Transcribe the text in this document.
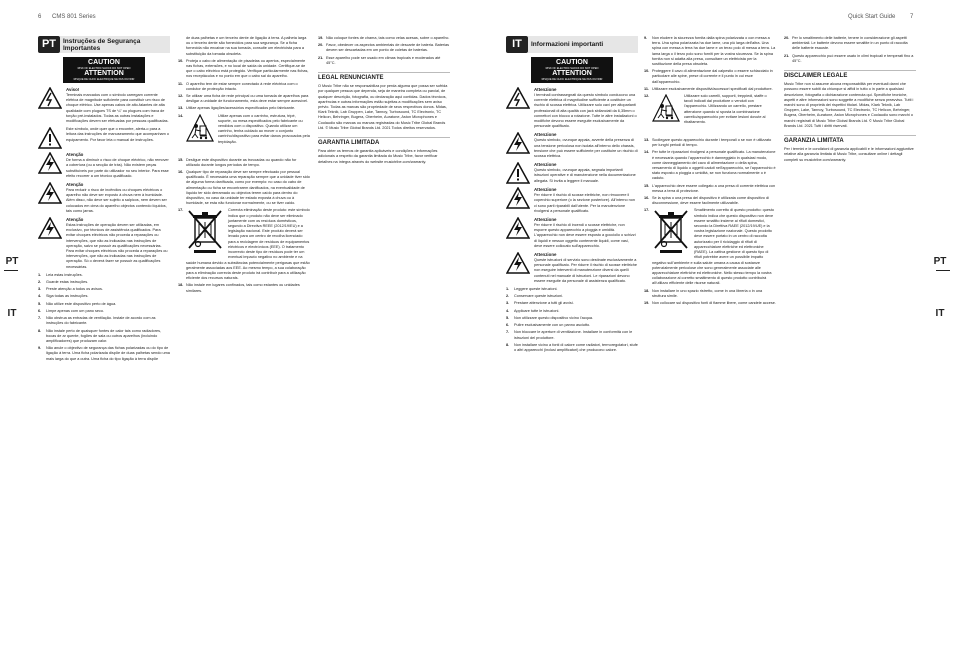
6 CMS 801 Series	Quick Start Guide 7
PT
IT
PT
IT
PT	Instruções de Segurança Importantes
CAUTION
RISK OF ELECTRIC SHOCK DO NOT OPEN
ATTENTION
RISQUE DE CHOC ELECTRIQUE NE PAS OUVRIR
Aviso!
Terminais marcados com o símbolo carregam corrente elétrica de magnitude suficiente para constituir um risco de choque elétrico. Use apenas cabos de alto-falantes de alta qualidade com plugues TS de ¼" ou plugues com trava de torção pré-instalados. Todas as outras instalações e modificações devem ser efetuadas por pessoas qualificadas.
Este símbolo, onde quer que o encontre, alerta-o para a leitura das instruções de manuseamento que acompanham o equipamento. Por favor leia o manual de instruções.
Atenção
De forma a diminuir o risco de choque eléctrico, não remover a cobertura (ou a secção de trás). Não existem peças substituíveis por parte do utilizador no seu interior. Para esse efeito recorrer a um técnico qualificado.
Atenção
Para reduzir o risco de incêndios ou choques eléctricos o aparelho não deve ser exposto à chuva nem à humidade. Além disso, não deve ser sujeito a salpicos, nem devem ser colocados em cima do aparelho objectos contendo líquidos, tais como jarras.
Atenção
Estas instruções de operação devem ser utilizadas, em exclusivo, por técnicos de assistência qualificados. Para evitar choques eléctricos não proceda a reparações ou intervenções, que não as indicadas nas instruções de operação, salvo se possuir as qualificações necessárias. Para evitar choques eléctricos não proceda a reparações ou intervenções, que não as indicadas nas instruções de operação. Só o deverá fazer se possuir as qualificações necessárias.
1.	Leia estas instruções.
2.	Guarde estas instruções.
3.	Preste atenção a todos os avisos.
4.	Siga todas as instruções.
5.	Não utilize este dispositivo perto de água.
6.	Limpe apenas com um pano seco.
7.	Não obstrua as entradas de ventilação. Instale de acordo com as instruções do fabricante.
8.	Não instale perto de quaisquer fontes de calor tais como radiadores, bocas de ar quente, fogões de sala ou outros aparelhos (incluindo amplificadores) que produzam calor.
9.	Não anule o objectivo de segurança das fichas polarizadas ou do tipo de ligação à terra. Uma ficha polarizada dispõe de duas palhetas sendo uma mais larga do que a outra. Uma ficha do tipo ligação à terra dispõe
de duas palhetas e um terceiro dente de ligação à terra. A palheta larga ou o terceiro dente são fornecidos para sua segurança. Se a ficha fornecida não encaixar na sua tomada, consulte um electricista para a substituição da tomada obsoleta.
10. Proteja o cabo de alimentação de pisadelas ou apertos, especialmente nas fichas, extensões, e no local de saída da unidade. Certifique-se de que o cabo eléctrico está protegido. Verifique particularmente nas fichas, nos receptáculos e no ponto em que o cabo sai do aparelho.
11. O aparelho tem de estar sempre conectado à rede eléctrica com o condutor de protecção intacto.
12. Se utilizar uma ficha de rede principal ou uma tomada de aparelhos para desligar a unidade de funcionamento, esta deve estar sempre acessível.
13. Utilize apenas ligações/acessórios especificados pelo fabricante.
14.	Utilize apenas com o carrinho, estrutura, tripé, suporte, ou mesa especificados pelo fabricante ou vendidos com o dispositivo. Quando utilizar um carrinho, tenha cuidado ao mover o conjunto carrinho/dispositivo para evitar danos provocados pela terpidação.
15. Desligue este dispositivo durante as trovoadas ou quando não for utilizado durante longos períodos de tempo.
16. Qualquer tipo de reparação deve ser sempre efectuado por pessoal qualificado. É necessária uma reparação sempre que a unidade tiver sido de alguma forma danificada, como por exemplo: no caso do cabo de alimentação ou ficha se encontrarem danificados, na eventualidade de líquido ter sido derramado ou objectos terem caído para dentro do dispositivo, no caso da unidade ter estado exposta à chuva ou à humidade, se esta não funcionar normalmente, ou se tiver caído.
17.	Correcta eliminação deste produto: este símbolo indica que o produto não deve ser eliminado juntamente com os resíduos domésticos, segundo a Directiva REEE (2012/19/EU) e a legislação nacional. Este produto deverá ser levado para um centro de recolha licenciado para a reciclagem de resíduos de equipamentos eléctricos e electrónicos (EEE). O tratamento incorrecto deste tipo de resíduos pode ter um eventual impacto negativo no ambiente e na saúde humana devido a substâncias potencialmente perigosas que estão geralmente associadas aos EEE. Ao mesmo tempo, a sua colaboração para a eliminação correcta deste produto irá contribuir para a utilização eficiente dos recursos naturais.
18. Não instale em lugares confinados, tais como estantes ou unidades similares.
19. Não coloque fontes de chama, tais como velas acesas, sobre o aparelho.
20. Favor, obedecer os aspectos ambientais de descarte de bateria. Baterias devem ser descartadas em um ponto de coletas de baterias.
21. Esse aparelho pode ser usado em climas tropicais e moderados até 45°C.
LEGAL RENUNCIANTE

O Music Tribe não se responsabiliza por perda alguma que possa ser sofrida por qualquer pessoa que dependa, seja de maneira completa ou parcial, de qualquer descrição, fotografia, ou declaração aqui contidas. Dados técnicos, aparências e outras informações estão sujeitas a modificações sem aviso prévio. Todas as marcas são propriedade de seus respectivos donos. Midas, Klark Teknik, Lab Gruppen, Lake, Tannoy, Turbosound, TC Electronic, TC Helicon, Behringer, Bugera, Oberheim, Auratone, Aston Microphones e Coolaudio são marcas ou marcas registradas do Music Tribe Global Brands Ltd. © Music Tribe Global Brands Ltd. 2021 Todos direitos reservados.

GARANTIA LIMITADA

Para obter os termos de garantia aplicáveis e condições e informações adicionais a respeito da garantia limitada do Music Tribe, favor verificar detalhes na íntegra através do website musictribe.com/warranty.

IT	Informazioni importanti
CAUTION
RISK OF ELECTRIC SHOCK DO NOT OPEN
ATTENTION
RISQUE DE CHOC ELECTRIQUE NE PAS OUVRIR
Attenzione
I terminali contrassegnati da questo simbolo conducono una corrente elettrica di magnitudine sufficiente a costituire un rischio di scossa elettrica. Utilizzare solo cavi per altoparlanti professionali di alta qualità con jack sbilanciati da 6,35mm o connettori con blocco a rotazione. Tutte le altre installazioni o modifiche devono essere eseguite esclusivamente da personale qualificato.
Attenzione
Questo simbolo, ovunque appaia, avverte della presenza di una tensione pericolosa non isolata all'interno dello chassis, tensione che può essere sufficiente per costituire un rischio di scossa elettrica.
Attenzione
Questo simbolo, ovunque appaia, segnala importanti istruzioni operative e di manutenzione nella documentazione allegata. Si invita a leggere il manuale.
Attenzione
Per ridurre il rischio di scosse elettriche, non rimuovere il coperchio superiore (o la sezione posteriore). All'interno non ci sono parti riparabili dall'utente. Per la manutenzione rivolgersi a personale qualificato.
Attenzione
Per ridurre il rischio di incendi o scosse elettriche, non esporre questo apparecchio a pioggia e umidità. L'apparecchio non deve essere esposto a gocciolio o schizzi di liquidi e nessun oggetto contenente liquidi, come vasi, deve essere collocato sull'apparecchio.
Attenzione
Queste istruzioni di servizio sono destinate esclusivamente a personale qualificato. Per ridurre il rischio di scosse elettriche non eseguire interventi di manutenzione diversi da quelli contenuti nel manuale di istruzioni. Le riparazioni devono essere eseguite da personale di assistenza qualificato.
1.	Leggere queste istruzioni.
2.	Conservare queste istruzioni.
3.	Prestare attenzione a tutti gli avvisi.
4.	Applicare tutte le istruzioni.
5.	Non utilizzare questo dispositivo vicino l'acqua.
6.	Pulire esclusivamente con un panno asciutto.
7.	Non bloccare le aperture di ventilazione. Installare in conformità con le istruzioni del produttore.
8.	Non installare vicino a fonti di calore come radiatori, termoregolatori, stufe o altri apparecchi (inclusi amplificatori) che producono calore.
9.	Non eludere la sicurezza fornita dalla spina polarizzata o con messa a terra. Una spina polarizzata ha due lame, una più larga dell'altra. Una spina con messa a terra ha due lame e un terzo polo di messa a terra. La lama larga o il terzo polo sono forniti per la vostra sicurezza. Se la spina fornita non si adatta alla presa, consultare un elettricista per la sostituzione della presa obsoleta.
10. Proteggere il cavo di alimentazione dal calpestio o essere schiacciato in particolare alle spine, prese di corrente e il punto in cui esce dall'apparecchio.
11. Utilizzare esclusivamente dispositivi/accessori specificati dal produttore.
12.	Utilizzare solo carrelli, supporti, treppiedi, staffe o tavoli indicati dal produttore o venduti con l'apparecchio. Utilizzando un carrello, prestare attenzione quando si sposta la combinazione carrello/apparecchio per evitare lesioni dovute al ribaltamento.
13. Scollegare questo apparecchio durante i temporali o se non è utilizzato per lunghi periodi di tempo.
14. Per tutte le riparazioni rivolgersi a personale qualificato. La manutenzione è necessaria quando l'apparecchio è danneggiato in qualsiasi modo, come danneggiamento del cavo di alimentazione o della spina, versamento di liquido o oggetti caduti nell'apparecchio, se l'apparecchio è stato esposto a pioggia o umidità, se non funziona normalmente o è caduto.
15. L'apparecchio deve essere collegato a una presa di corrente elettrica con messa a terra di protezione.
16. Se la spina o una presa del dispositivo è utilizzata come dispositivo di disconnessione, deve essere facilmente utilizzabile.
17.	Smaltimento corretto di questo prodotto: questo simbolo indica che questo dispositivo non deve essere smaltito insieme ai rifiuti domestici, secondo la Direttiva RAEE (2012/19/UE) e la vostra legislazione nazionale. Questo prodotto deve essere portato in un centro di raccolta autorizzato per il riciclaggio di rifiuti di apparecchiature elettriche ed elettroniche (RAEE). La cattiva gestione di questo tipo di rifiuti potrebbe avere un possibile impatto negativo sull'ambiente e sulla salute umana a causa di sostanze potenzialmente pericolose che sono generalmente associate alle apparecchiature elettriche ed elettroniche. Nello stesso tempo la vostra collaborazione al corretto smaltimento di questo prodotto contribuirà all'utilizzo efficiente delle risorse naturali.
18. Non installare in uno spazio ristretto, come in una libreria o in una struttura simile.
19. Non collocare sul dispositivo fonti di fiamme libere, come candele accese.
20. Per lo smaltimento delle batterie, tenere in considerazione gli aspetti ambientali. Le batterie devono essere smaltite in un punto di raccolta delle batterie esauste.
21. Questo apparecchio può essere usato in climi tropicali e temperati fino a 45°C.
DISCLAIMER LEGALE

Music Tribe non si assume alcuna responsabilità per eventuali danni che possono essere subiti da chiunque si affidi in tutto o in parte a qualsiasi descrizione, fotografia o dichiarazione contenuta qui. Specifiche tecniche, aspetti e altre informazioni sono soggette a modifiche senza preavviso. Tutti i marchi sono di proprietà dei rispettivi titolari. Midas, Klark Teknik, Lab Gruppen, Lake, Tannoy, Turbosound, TC Electronic, TC Helicon, Behringer, Bugera, Oberheim, Auratone, Aston Microphones e Coolaudio sono marchi o marchi registrati di Music Tribe Global Brands Ltd. © Music Tribe Global Brands Ltd. 2021 Tutti i diritti riservati.

GARANZIA LIMITATA

Per i termini e le condizioni di garanzia applicabili e le informazioni aggiuntive relative alla garanzia limitata di Music Tribe, consultare online i dettagli completi su musictribe.com/warranty.
